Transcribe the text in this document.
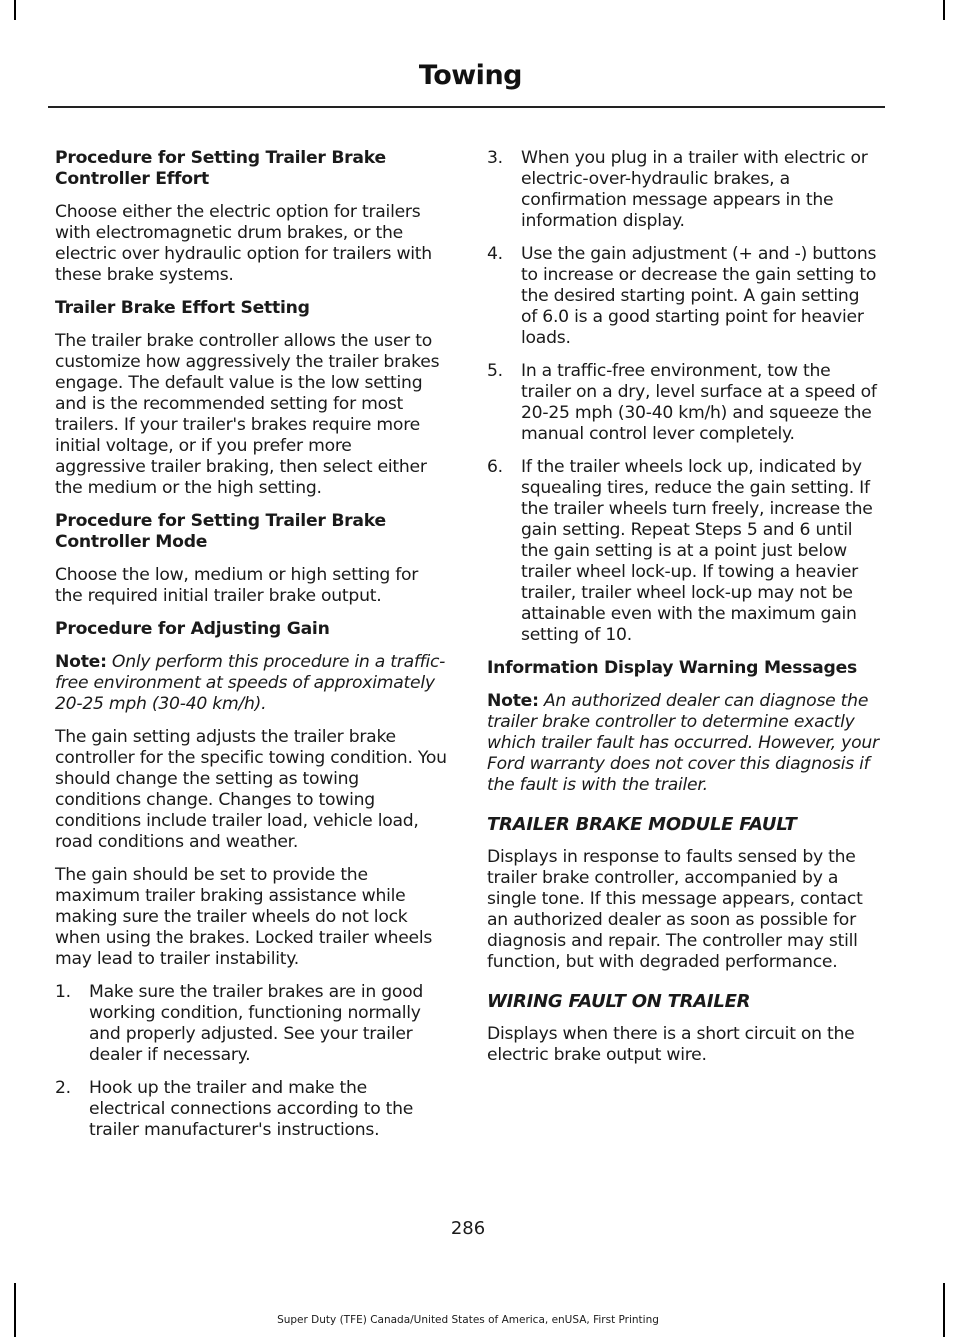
Towing

Procedure for Setting Trailer Brake Controller Effort

Choose either the electric option for trailers with electromagnetic drum brakes, or the electric over hydraulic option for trailers with these brake systems.

Trailer Brake Effort Setting

The trailer brake controller allows the user to customize how aggressively the trailer brakes engage. The default value is the low setting and is the recommended setting for most trailers. If your trailer's brakes require more initial voltage, or if you prefer more aggressive trailer braking, then select either the medium or the high setting.

Procedure for Setting Trailer Brake Controller Mode

Choose the low, medium or high setting for the required initial trailer brake output.

Procedure for Adjusting Gain

Note: Only perform this procedure in a traffic-free environment at speeds of approximately 20-25 mph (30-40 km/h).

The gain setting adjusts the trailer brake controller for the specific towing condition. You should change the setting as towing conditions change. Changes to towing conditions include trailer load, vehicle load, road conditions and weather.

The gain should be set to provide the maximum trailer braking assistance while making sure the trailer wheels do not lock when using the brakes. Locked trailer wheels may lead to trailer instability.

1.	Make sure the trailer brakes are in good working condition, functioning normally and properly adjusted. See your trailer dealer if necessary.
2.	Hook up the trailer and make the electrical connections according to the trailer manufacturer's instructions.
3.	When you plug in a trailer with electric or electric-over-hydraulic brakes, a confirmation message appears in the information display.
4.	Use the gain adjustment (+ and -) buttons to increase or decrease the gain setting to the desired starting point. A gain setting of 6.0 is a good starting point for heavier loads.
5.	In a traffic-free environment, tow the trailer on a dry, level surface at a speed of 20-25 mph (30-40 km/h) and squeeze the manual control lever completely.
6.	If the trailer wheels lock up, indicated by squealing tires, reduce the gain setting. If the trailer wheels turn freely, increase the gain setting. Repeat Steps 5 and 6 until the gain setting is at a point just below trailer wheel lock-up. If towing a heavier trailer, trailer wheel lock-up may not be attainable even with the maximum gain setting of 10.

Information Display Warning Messages

Note: An authorized dealer can diagnose the trailer brake controller to determine exactly which trailer fault has occurred. However, your Ford warranty does not cover this diagnosis if the fault is with the trailer.

TRAILER BRAKE MODULE FAULT

Displays in response to faults sensed by the trailer brake controller, accompanied by a single tone. If this message appears, contact an authorized dealer as soon as possible for diagnosis and repair. The controller may still function, but with degraded performance.

WIRING FAULT ON TRAILER

Displays when there is a short circuit on the electric brake output wire.

286
Super Duty (TFE) Canada/United States of America, enUSA, First Printing
